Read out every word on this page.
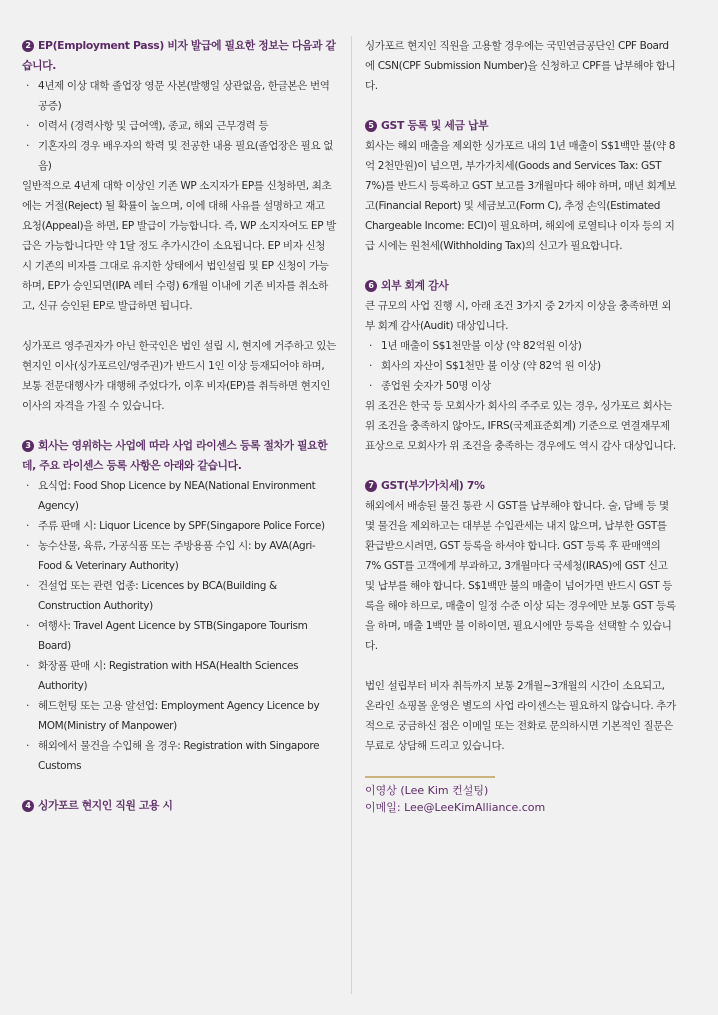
2 EP(Employment Pass) 비자 발급에 필요한 정보는 다음과 같습니다.
· 4년제 이상 대학 졸업장 영문 사본(발행일 상관없음, 한글본은 번역 공증)
· 이력서 (경력사항 및 급여액), 종교, 해외 근무경력 등
· 기혼자의 경우 배우자의 학력 및 전공한 내용 필요(졸업장은 필요 없음)

일반적으로 4년제 대학 이상인 기존 WP 소지자가 EP를 신청하면, 최초에는 거절(Reject) 될 확률이 높으며, 이에 대해 사유를 설명하고 재고 요청(Appeal)을 하면, EP 발급이 가능합니다. 즉, WP 소지자여도 EP 발급은 가능합니다만 약 1달 정도 추가시간이 소요됩니다. EP 비자 신청 시 기존의 비자를 그대로 유지한 상태에서 법인설립 및 EP 신청이 가능하며, EP가 승인되면(IPA 레터 수령) 6개월 이내에 기존 비자를 취소하고, 신규 승인된 EP로 발급하면 됩니다.

싱가포르 영주권자가 아닌 한국인은 법인 설립 시, 현지에 거주하고 있는 현지인 이사(싱가포르인/영주권)가 반드시 1인 이상 등재되어야 하며, 보통 전문대행사가 대행해 주었다가, 이후 비자(EP)를 취득하면 현지인 이사의 자격을 가질 수 있습니다.

3 회사는 영위하는 사업에 따라 사업 라이센스 등록 절차가 필요한데, 주요 라이센스 등록 사항은 아래와 같습니다.
· 요식업: Food Shop Licence by NEA(National Environment Agency)
· 주류 판매 시: Liquor Licence by SPF(Singapore Police Force)
· 농수산물, 육류, 가공식품 또는 주방용품 수입 시: by AVA(Agri-Food & Veterinary Authority)
· 건설업 또는 관련 업종: Licences by BCA(Building & Construction Authority)
· 여행사: Travel Agent Licence by STB(Singapore Tourism Board)
· 화장품 판매 시: Registration with HSA(Health Sciences Authority)
· 헤드헌팅 또는 고용 알선업: Employment Agency Licence by MOM(Ministry of Manpower)
· 해외에서 물건을 수입해 올 경우: Registration with Singapore Customs
4 싱가포르 현지인 직원 고용 시

싱가포르 현지인 직원을 고용할 경우에는 국민연금공단인 CPF Board에 CSN(CPF Submission Number)을 신청하고 CPF를 납부해야 합니다.

5 GST 등록 및 세금 납부

회사는 해외 매출을 제외한 싱가포르 내의 1년 매출이 S$1백만 불(약 8억 2천만원)이 넘으면, 부가가치세(Goods and Services Tax: GST 7%)를 반드시 등록하고 GST 보고를 3개월마다 해야 하며, 매년 회계보고(Financial Report) 및 세금보고(Form C), 추정 손익(Estimated Chargeable Income: ECI)이 필요하며, 해외에 로열티나 이자 등의 지급 시에는 원천세(Withholding Tax)의 신고가 필요합니다.

6 외부 회계 감사

큰 규모의 사업 진행 시, 아래 조건 3가지 중 2가지 이상을 충족하면 외부 회계 감사(Audit) 대상입니다.

· 1년 매출이 S$1천만불 이상 (약 82억원 이상)
· 회사의 자산이 S$1천만 불 이상 (약 82억 원 이상)
· 종업원 숫자가 50명 이상

위 조건은 한국 등 모회사가 회사의 주주로 있는 경우, 싱가포르 회사는 위 조건을 충족하지 않아도, IFRS(국제표준회계) 기준으로 연결재무제표상으로 모회사가 위 조건을 충족하는 경우에도 역시 감사 대상입니다.

7 GST(부가가치세) 7%

해외에서 배송된 물건 통관 시 GST를 납부해야 합니다. 술, 담배 등 몇몇 물건을 제외하고는 대부분 수입관세는 내지 않으며, 납부한 GST를 환급받으시려면, GST 등록을 하셔야 합니다. GST 등록 후 판매액의 7% GST를 고객에게 부과하고, 3개월마다 국세청(IRAS)에 GST 신고 및 납부를 해야 합니다. S$1백만 불의 매출이 넘어가면 반드시 GST 등록을 해야 하므로, 매출이 일정 수준 이상 되는 경우에만 보통 GST 등록을 하며, 매출 1백만 불 이하이면, 필요시에만 등록을 선택할 수 있습니다.

법인 설립부터 비자 취득까지 보통 2개월~3개월의 시간이 소요되고, 온라인 쇼핑몰 운영은 별도의 사업 라이센스는 필요하지 않습니다. 추가적으로 궁금하신 점은 이메일 또는 전화로 문의하시면 기본적인 질문은 무료로 상담해 드리고 있습니다.

이영상 (Lee Kim 컨설팅)
이메일: Lee@LeeKimAlliance.com
